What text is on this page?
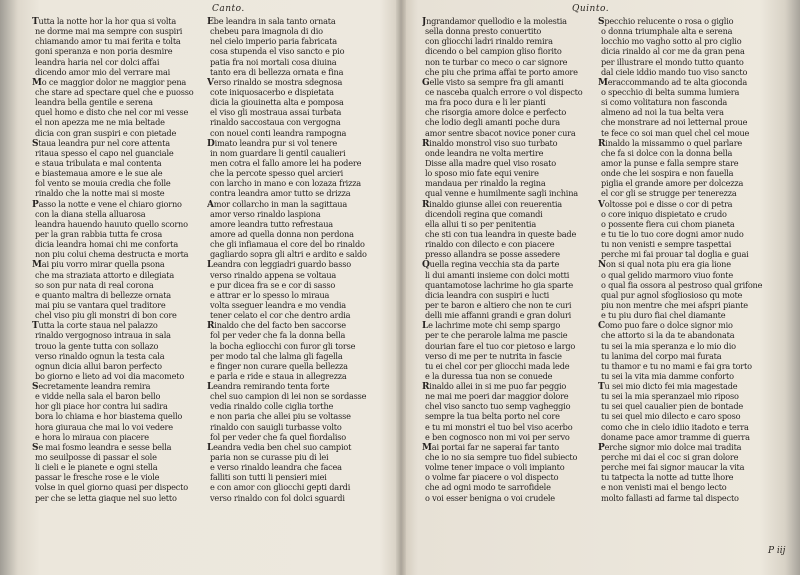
Canto.
Tutta la notte hor la hor qua si volta
ne dorme mai ma sempre con suspiri
chiamando amor tu mai ferita e tolta
goni speranza e non poria desmire
leandra haria nel cor dolci affai
dicendo amor mio del verrare mai
Mo ce maggior dolor ne maggior pena
che stare ad spectare quel che e puosso
leandra bella gentile e serena
quel homo e disto che nel cor mi vesse
el non apezza me ne mia beltade
dicia con gran suspiri e con pietade
Staua leandra pur nel core attenta
ritaua spesso el capo nel guanciale
e staua tribulata e mal contenta
e biastemaua amore e le sue ale
fol vento se mouia credia che folle
rinaldo che la notte mai si moste
Passo la notte e vene el chiaro giorno
con la diana stella alluarosa
leandra hauendo hauuto quello scorno
per la gran rabbia tutta fe crosa
dicia leandra homai chi me conforta
non piu colui chema destructa e morta
Mai piu vorro mirar quella psona
che ma straziata attorto e dilegiata
so son pur nata di real corona
e quanto maltra di bellezze ornata
mai piu se vantara quel traditore
chel viso piu gli monstri di bon core
Tutta la corte staua nel palazzo
rinaldo vergognoso intraua in sala
trouo la gente tutta con sollazo
verso rinaldo ognun la testa cala
ognun dicia allui baron perfecto
bo giorno e lieto ad voi dia macometo
Secretamente leandra remira
e vidde nella sala el baron bello
hor gli piace hor contra lui sadira
bora lo chiama e hor biastema quello
hora giuraua che mai lo voi vedere
e hora lo miraua con piacere
Se mai fosmo leandra e sesse bella
mo seuilposse di passar el sole
li cieli e le pianete e ogni stella
passar le fresche rose e le viole
volse in quel giorno quasi per dispecto
per che se letta giaque nel suo letto
Ebe leandra in sala tanto ornata
chebeu para imagnola di dio
nel cielo imperio paria fabricata
cosa stupenda el viso sancto e pio
patia fra noi mortali cosa diuina
tanto era di bellezza ornata e fina
Verso rinaldo se mostra sdegnosa
cote iniquosacerbo e dispietata
dicia la giouinetta alta e pomposa
el viso gli mostraua assai turbata
rinaldo saccostaua con vergogna
con nouel conti leandra rampogna
Dimato leandra pur si vol tenere
in nom guardare li gentil caualieri
men cotra el fallo amore lei ha podere
che la percote spesso quel arcieri
con larcho in mano e con lozaza frizza
contra leandra amor tutto se drizza
Amor collarcho in man la sagittaua
amor verso rinaldo laspiona
amore leandra tutto refrestaua
amore ad quella donna non perdona
che gli infiamaua el core del bo rinaldo
gagliardo sopra gli altri e ardito e saldo
Leandra con leggiadri guardo basso
verso rinaldo appena se voltaua
e pur dicea fra se e cor di sasso
e attrar er lo spesso lo miraua
volta sseguer leandra e mo vendia
tener celato el cor che dentro ardia
Rinaldo che del facto ben saccorse
fol per veder che fa la donna bella
la bocha egliocchi con furor gli torse
per modo tal che lalma gli fagella
e finger non curare quella bellezza
e parla e ride e staua in allegrezza
Leandra remirando tenta forte
chel suo campion di lei non se sordasse
vedia rinaldo colle ciglia torthe
e non paria che allei piu se voltasse
rinaldo con sauigli turbasse volto
fol per veder che fa quel fiordaliso
Leandra vedia ben chel suo campiot
paria non se curasse piu di lei
e verso rinaldo leandra che facea
falliti son tutti li pensieri miei
e con amor con gliocchi gepti dardi
verso rinaldo con fol dolci sguardi
Quinto.
Jngrandamor quellodio e la molestia
sella donna presto conuertito
con gliocchi ladri rinaldo remira
dicendo o bel campion gliso fiorito
non te turbar co meco o car signore
che piu che prima affai te porto amore
Gelle visto sa sempre fra gli amanti
ce nasceba qualch errore o vol dispecto
ma fra poco dura e li ler pianti
che risorgia amore dolce e perfecto
che lodio degli amanti poche dura
amor sentre sbacot novice poner cura
Rinaldo monstrol viso suo turbato
onde leandra ne volta mertire
Disse alla madre quel viso rosato
lo sposo mio fate equi venire
mandaua per rinaldo la regina
qual venne e humilmente sagli inchina
Rinaldo giunse allei con reuerentia
dicendoli regina que comandi
ella allui ti so per penitentia
che sti con tua leandra in queste bade
rinaldo con dilecto e con piacere
presso allandra se posse assedere
Quella regina vecchia sta da parte
li dui amanti insieme con dolci motti
quantamotose lachrime ho gia sparte
dicia leandra con suspiri e lucti
per te baron e altiero che non te curi
delli mie affanni grandi e gran doluri
Le lachrime mote chi semp spargo
per te che perarole lalma me pascie
dourian fare el tuo cor pietoso e largo
verso di me per te nutrita in fascie
tu ei chel cor per gliocchi mada lede
e la duressa tua non se conuede
Rinaldo allei in si me puo far peggio
ne mai me poeri dar maggior dolore
chel viso sancto tuo semp vagheggio
sempre la tua belta porto nel core
e tu mi monstri el tuo bel viso acerbo
e ben cognosco non mi voi per servo
Mai portai far ne saperai far tanto
che io no sia sempre tuo fidel subiecto
volme tener impace o voli impianto
o volme far piacere o vol dispecto
che ad ogni modo te sarrofidele
o voi esser benigna o voi crudele
Specchio relucente o rosa o giglio
o donna triumphale alta e serena
locchio mo vagho sotto al pro ciglio
dicia rinaldo al cor me da gran pena
per illustrare el mondo tutto quanto
dal ciele iddio mando tuo viso sancto
Meraccommando ad te alta gioconda
o specchio di belta summa lumiera
si como volitatura non fasconda
almeno ad noi la tua belta vera
che monstrare ad noi letternal proue
te fece co soi man quel chel cel moue
Rinaldo la missammo o quel parlare
che fa si dolce con la donna bella
amor la punse e falla sempre stare
onde che lei sospira e non fauella
piglia el grande amore per dolcezza
el cor gli se strugge per tenerezza
Voltosse poi e disse o cor di petra
o core iniquo dispietato e crudo
o possente fiera cui chom pianeta
e tu tie lo tuo core dogni amor nudo
tu non venisti e sempre taspettai
perche mi fai prouar tal doglia e guai
Non si qual nota piu era gia lione
o qual gelido marmoro viuo fonte
o qual fia ossora al pestroso qual grifone
qual pur agnol sfogliosioso qu mote
piu non mentre che mei afspri piante
e tu piu duro fiai chel diamante
Como puo fare o dolce signor mio
che attorto si la da te abandonata
tu sei la mia speranza e lo mio dio
tu lanima del corpo mai furata
tu thamor e tu no mami e fai gra torto
tu sei la vita mia damme conforto
Tu sei mio dicto fei mia magestade
tu sei la mia speranzael mio riposo
tu sei quel caualier pien de bontade
tu sei quel mio dilecto e caro sposo
como che in cielo idiio itadoto e terra
doname pace amor tramme di guerra
Perche signor mio dolce mai tradita
perche mi dai el coc si gran dolore
perche mei fai signor maucar la vita
tu tatpecta la notte ad tutte lhore
e non venisti mai el bengo lecto
molto fallasti ad farme tal dispecto
P iij
